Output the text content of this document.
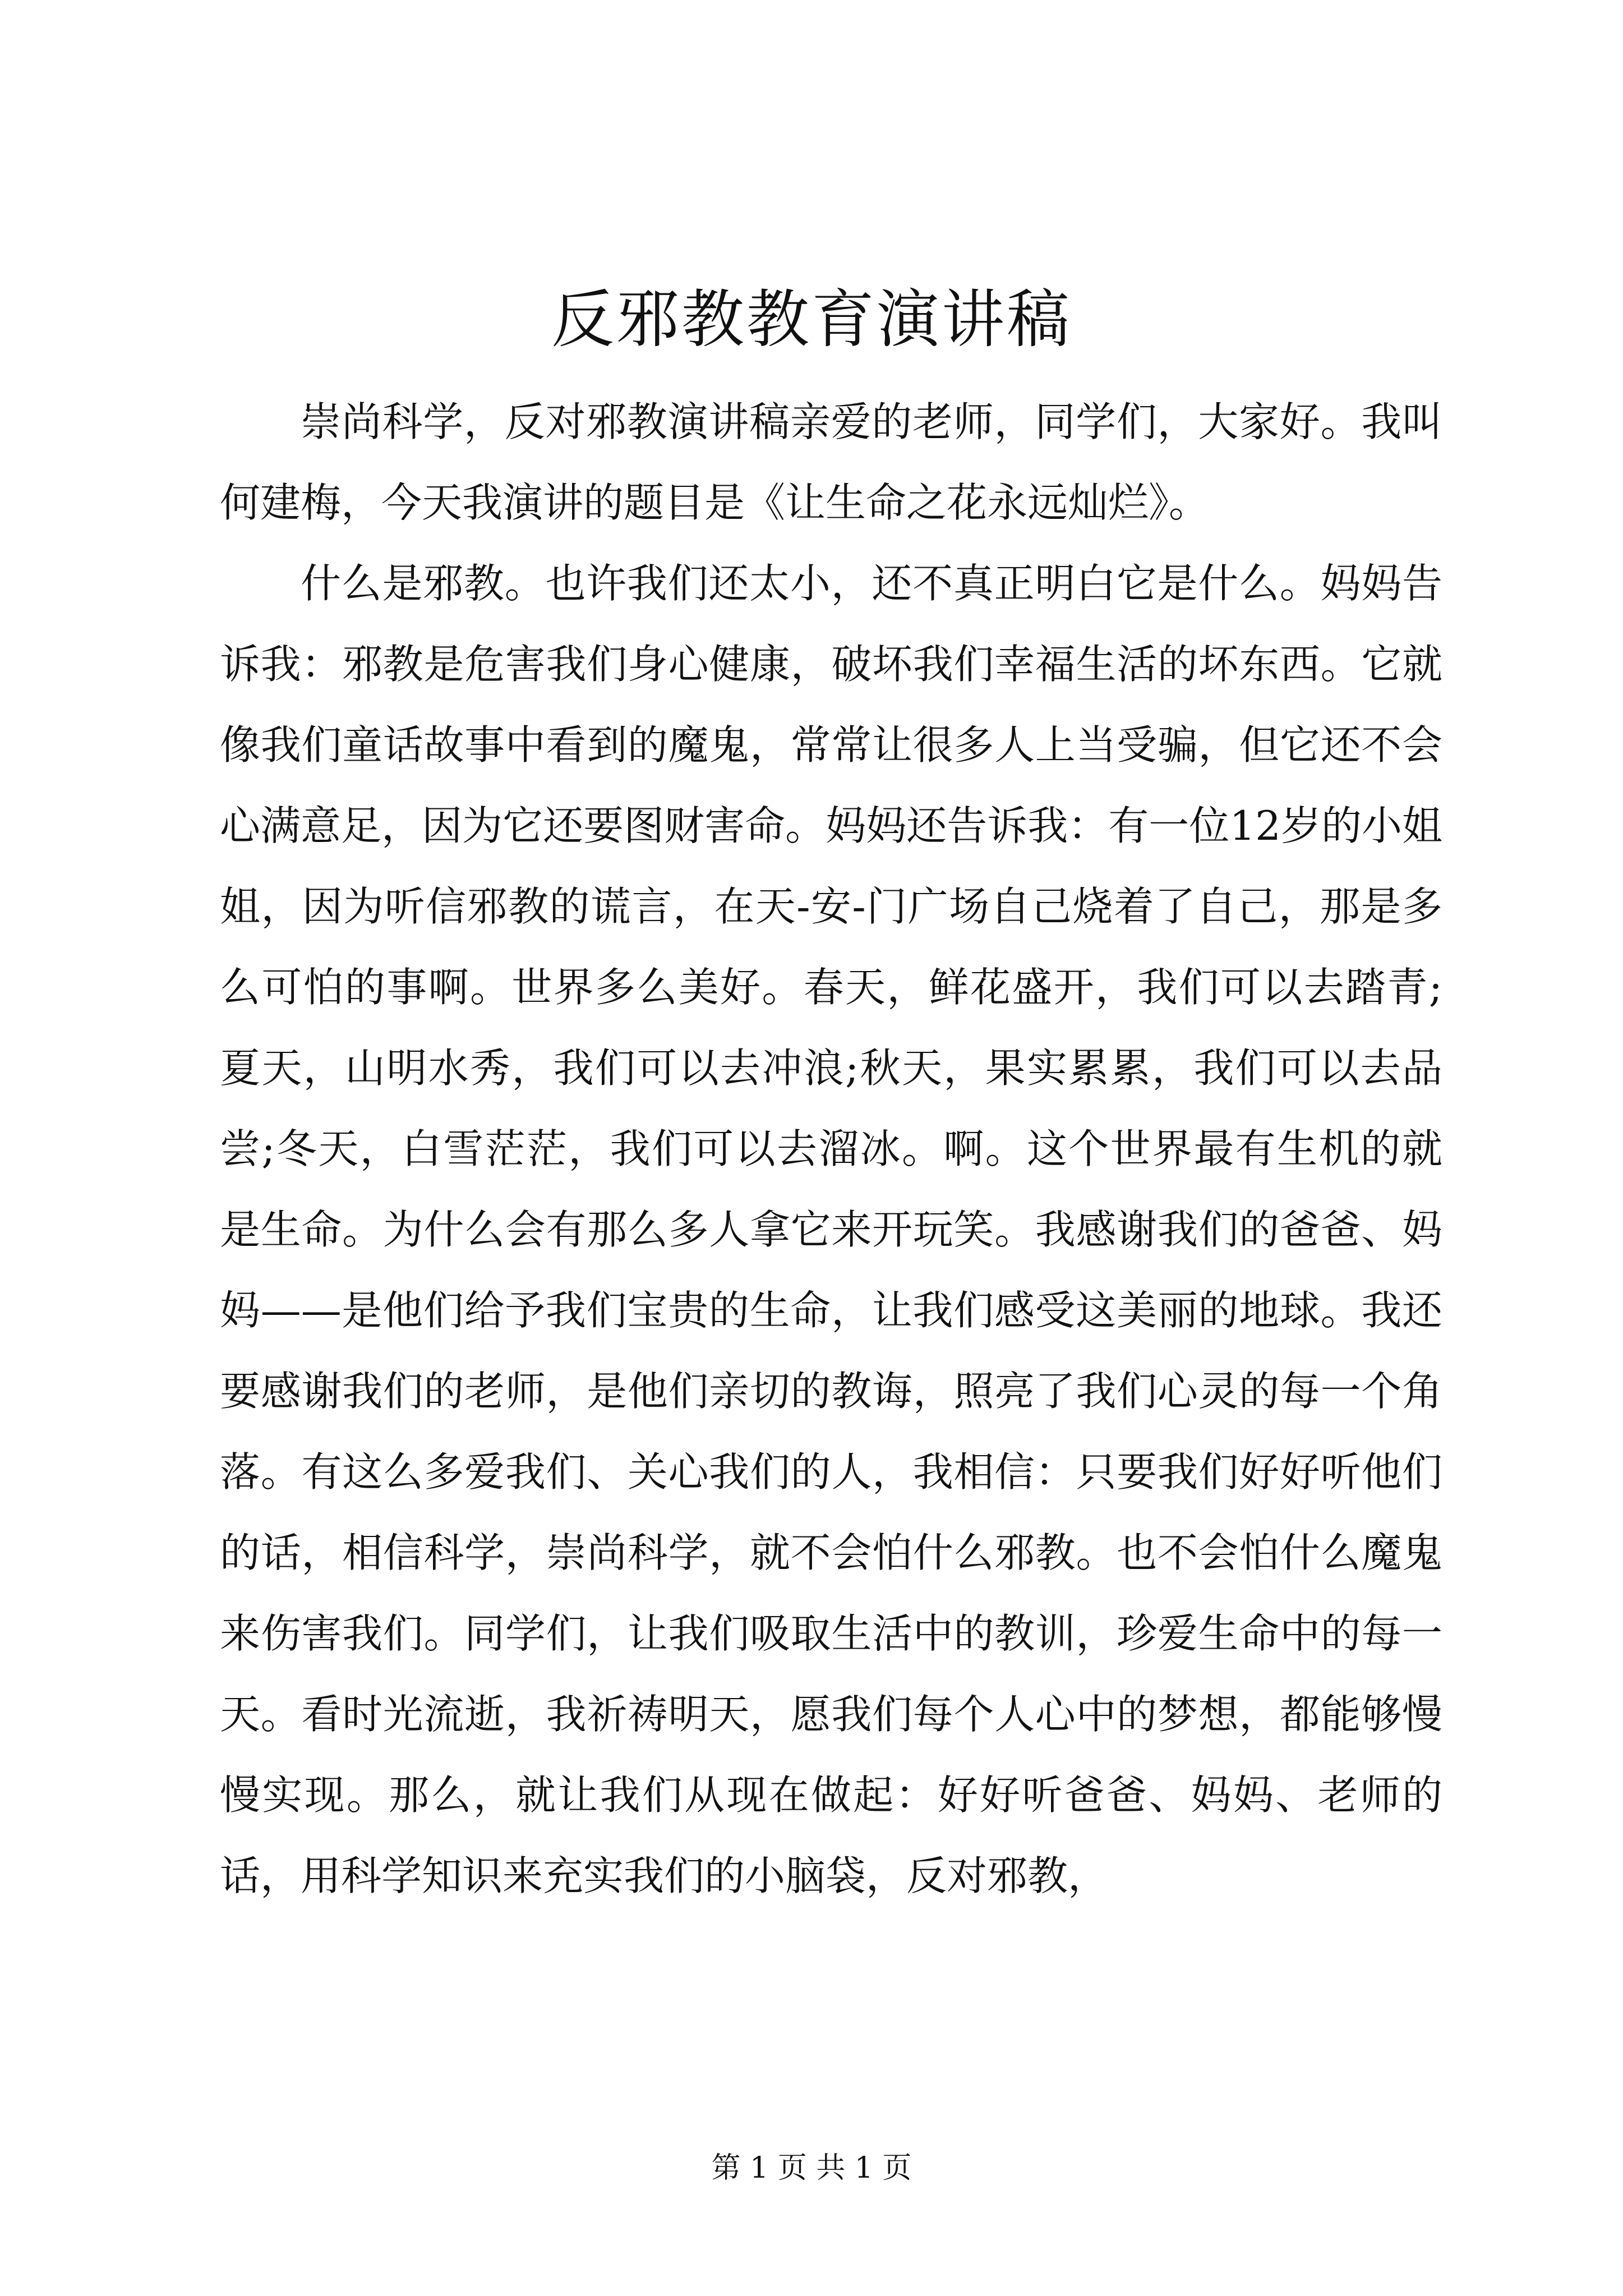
反邪教教育演讲稿

崇尚科学，反对邪教演讲稿亲爱的老师，同学们，大家好。我叫何建梅，今天我演讲的题目是《让生命之花永远灿烂》。

什么是邪教。也许我们还太小，还不真正明白它是什么。妈妈告诉我：邪教是危害我们身心健康，破坏我们幸福生活的坏东西。它就像我们童话故事中看到的魔鬼，常常让很多人上当受骗，但它还不会心满意足，因为它还要图财害命。妈妈还告诉我：有一位12岁的小姐姐，因为听信邪教的谎言，在天-安-门广场自己烧着了自己，那是多么可怕的事啊。世界多么美好。春天，鲜花盛开，我们可以去踏青;夏天，山明水秀，我们可以去冲浪;秋天，果实累累，我们可以去品尝;冬天，白雪茫茫，我们可以去溜冰。啊。这个世界最有生机的就是生命。为什么会有那么多人拿它来开玩笑。我感谢我们的爸爸、妈妈——是他们给予我们宝贵的生命，让我们感受这美丽的地球。我还要感谢我们的老师，是他们亲切的教诲，照亮了我们心灵的每一个角落。有这么多爱我们、关心我们的人，我相信：只要我们好好听他们的话，相信科学，崇尚科学，就不会怕什么邪教。也不会怕什么魔鬼来伤害我们。同学们，让我们吸取生活中的教训，珍爱生命中的每一天。看时光流逝，我祈祷明天，愿我们每个人心中的梦想，都能够慢慢实现。那么，就让我们从现在做起：好好听爸爸、妈妈、老师的话，用科学知识来充实我们的小脑袋，反对邪教，

第 1 页 共 1 页
